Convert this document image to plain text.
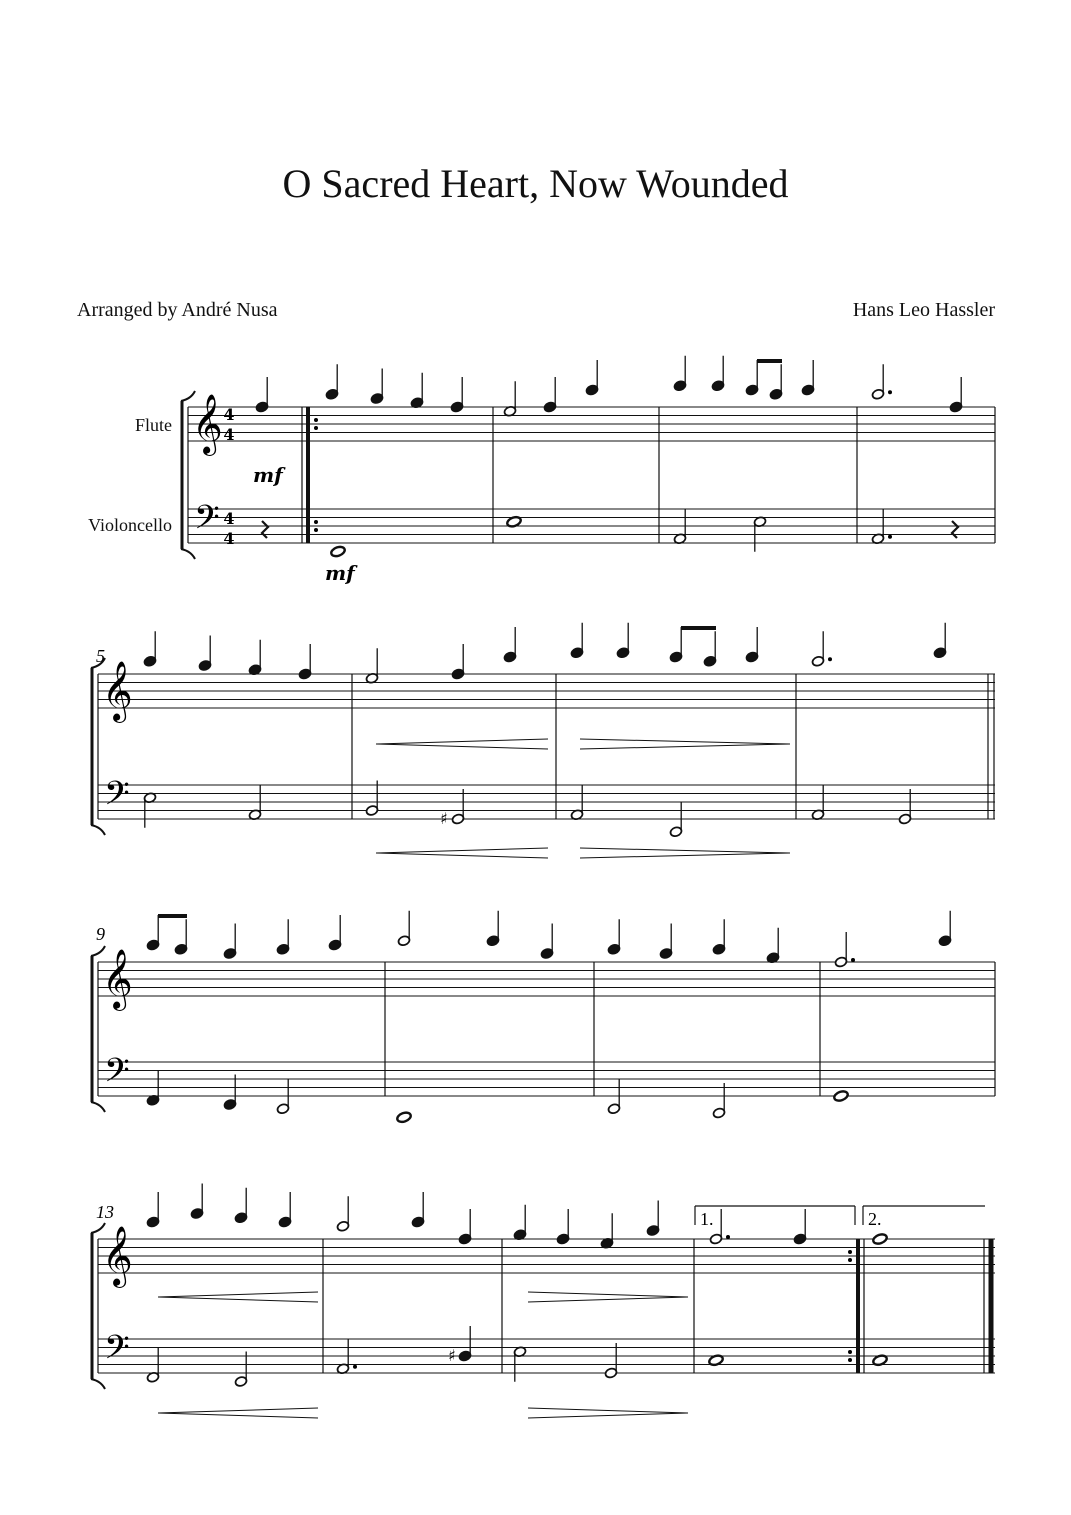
O Sacred Heart, Now Wounded
Arranged by André Nusa	Hans Leo Hassler
Flute
Violoncello
𝄞
𝄢
𝄞
𝄢
𝄞
𝄢
𝄞
𝄢
♯
♯
5
9
13
mf
mf
1.	2.
4
4
4
4
